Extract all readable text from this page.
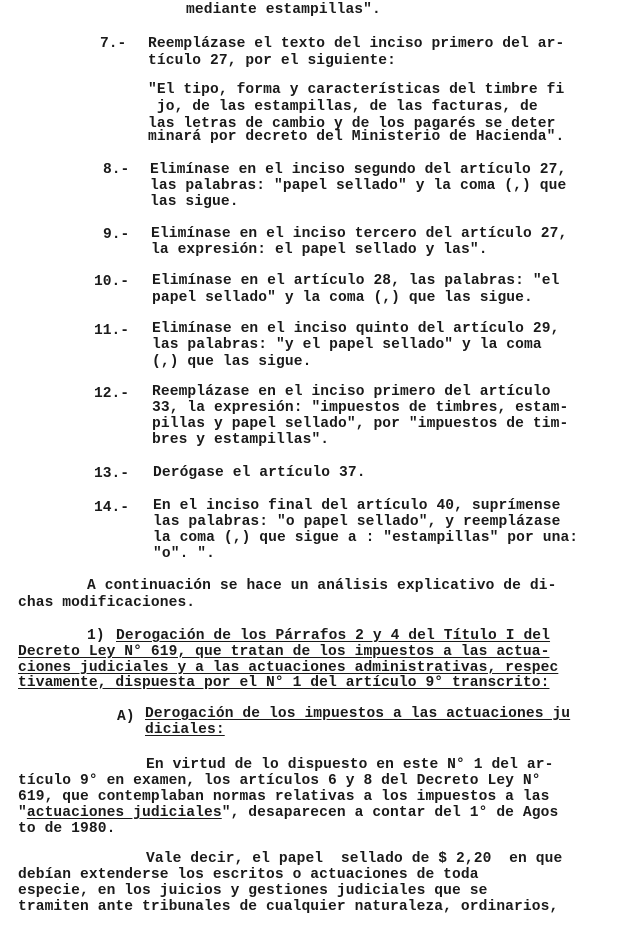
mediante estampillas".
7.- Reemplázase el texto del inciso primero del ar-
tículo 27, por el siguiente:
"El tipo, forma y características del timbre fi
jo, de las estampillas, de las facturas, de
las letras de cambio y de los pagarés se deter
minará por decreto del Ministerio de Hacienda".
8.- Elimínase en el inciso segundo del artículo 27,
las palabras: "papel sellado" y la coma (,) que
las sigue.
9.- Elimínase en el inciso tercero del artículo 27,
la expresión: el papel sellado y las".
10.- Elimínase en el artículo 28, las palabras: "el
papel sellado" y la coma (,) que las sigue.
11.- Elimínase en el inciso quinto del artículo 29,
las palabras: "y el papel sellado" y la coma
(,) que las sigue.
12.- Reemplázase en el inciso primero del artículo
33, la expresión: "impuestos de timbres, estam-
pillas y papel sellado", por "impuestos de tim-
bres y estampillas".
13.- Derógase el artículo 37.
14.- En el inciso final del artículo 40, suprímense
las palabras: "o papel sellado", y reemplázase
la coma (,) que sigue a : "estampillas" por una:
"o". ".
A continuación se hace un análisis explicativo de di-
chas modificaciones.
1) Derogación de los Párrafos 2 y 4 del Título I del
Decreto Ley N° 619, que tratan de los impuestos a las actua-
ciones judiciales y a las actuaciones administrativas, respec
tivamente, dispuesta por el N° 1 del artículo 9° transcrito:
A) Derogación de los impuestos a las actuaciones ju
diciales:
En virtud de lo dispuesto en este N° 1 del ar-
tículo 9° en examen, los artículos 6 y 8 del Decreto Ley N°
619, que contemplaban normas relativas a los impuestos a las
"actuaciones judiciales", desaparecen a contar del 1° de Agos
to de 1980.
Vale decir, el papel  sellado de $ 2,20  en que
debían extenderse los escritos o actuaciones de toda
especie, en los juicios y gestiones judiciales que se
tramiten ante tribunales de cualquier naturaleza, ordinarios,
